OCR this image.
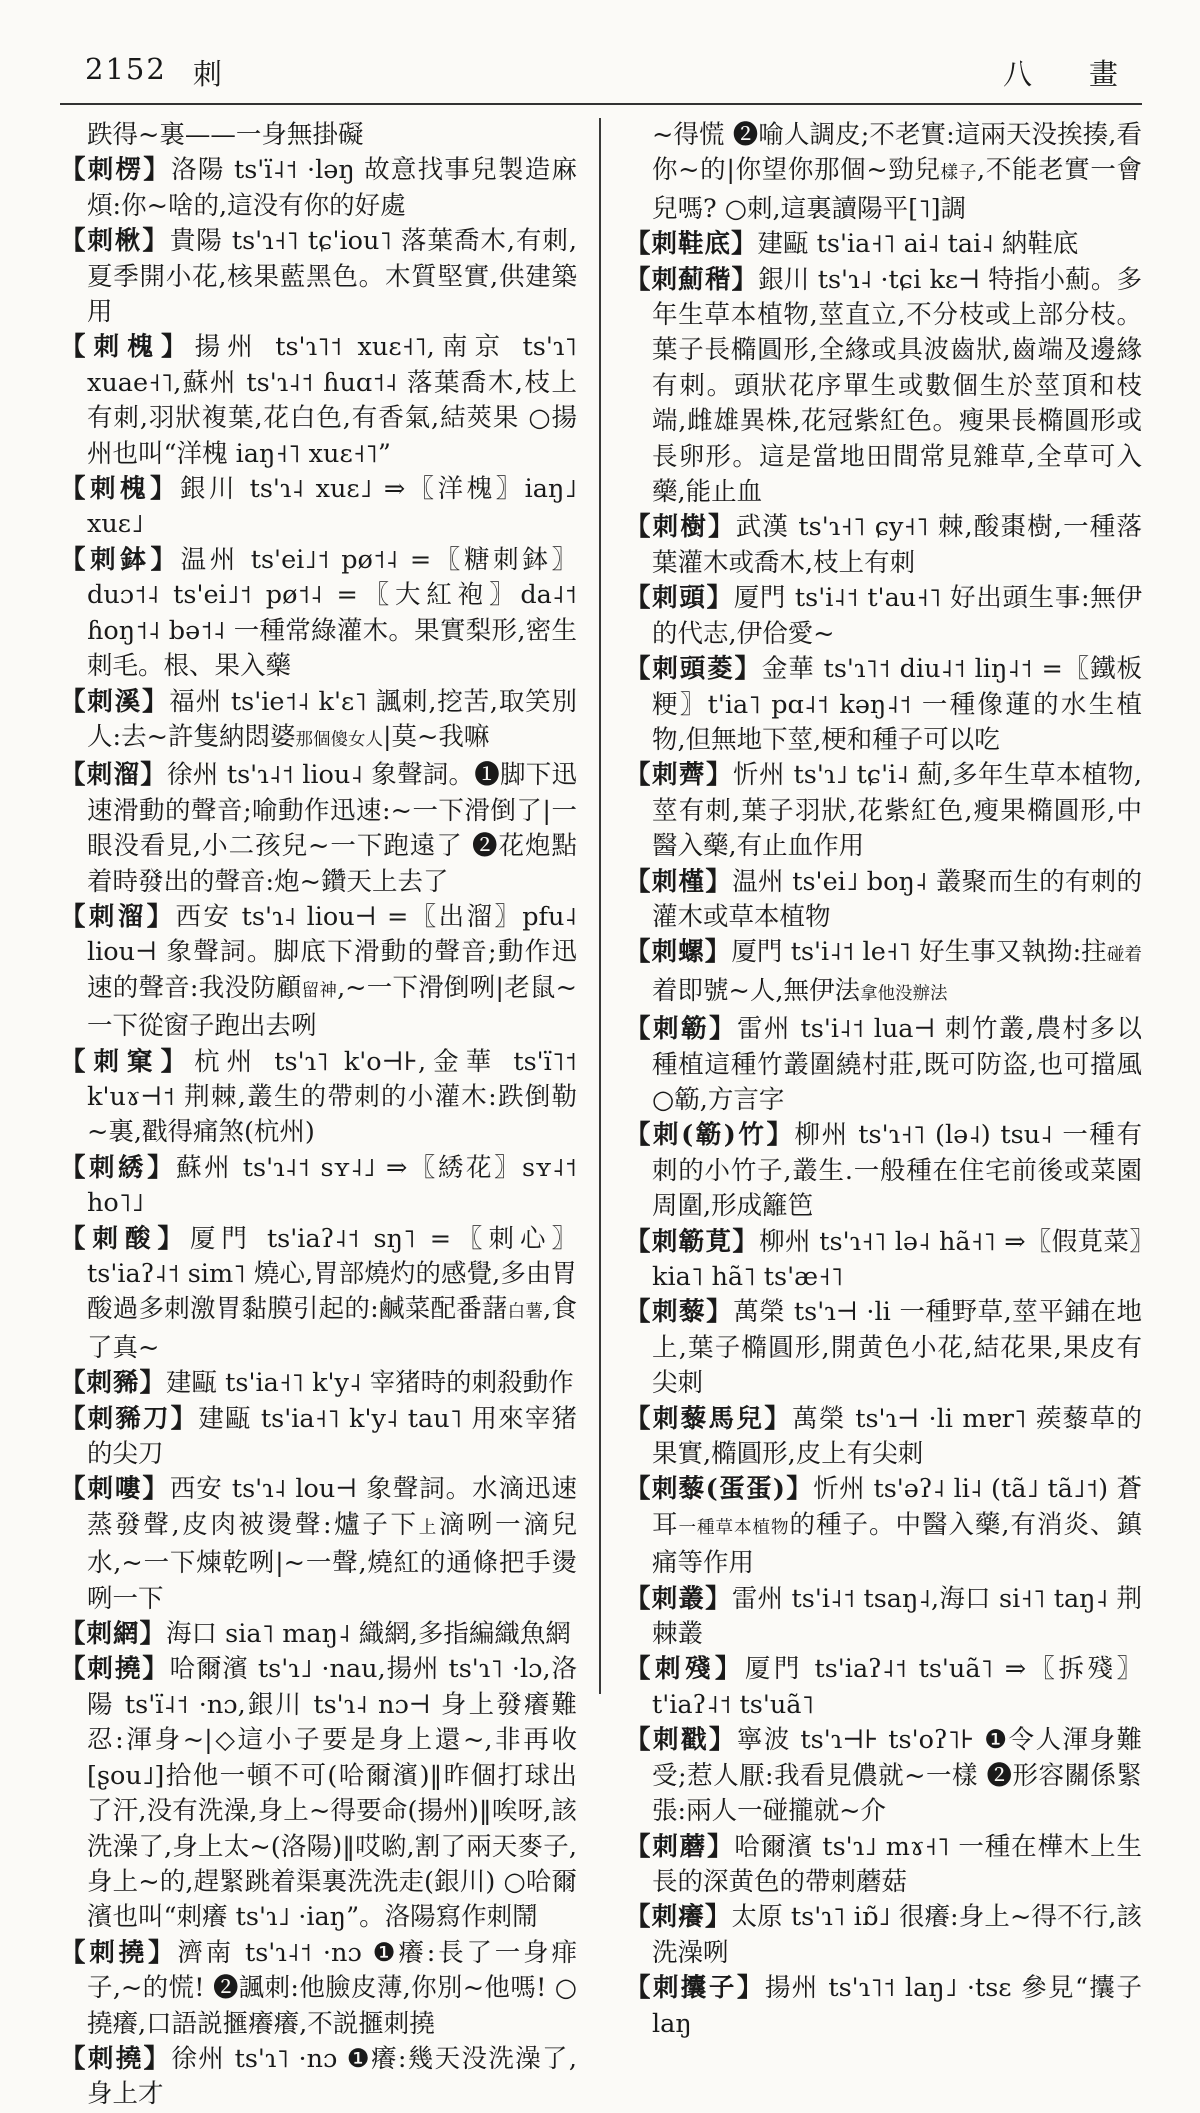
2152 刺	八　畫

跌得~裏——一身無掛礙

【刺楞】洛陽 ts'ï˨˦ ·ləŋ 故意找事兒製造麻煩:你~啥的,這没有你的好處

【刺楸】貴陽 ts'ɿ˧˥ tɕ'iou˥ 落葉喬木,有刺,夏季開小花,核果藍黑色。木質堅實,供建築用

【刺槐】揚州 ts'ɿ˥˦ xuɛ˧˥,南京 ts'ɿ˥ xuae˧˥,蘇州 ts'ɿ˨˦ ɦuɑ˦˨ 落葉喬木,枝上有刺,羽狀複葉,花白色,有香氣,結莢果 ○揚州也叫“洋槐 iaŋ˧˥ xuɛ˧˥”

【刺槐】銀川 ts'ɿ˨ xuɛ˩ ⇒〖洋槐〗iaŋ˩ xuɛ˩

【刺鉢】温州 ts'ei˩˦ pø˦˨ =〖糖刺鉢〗duɔ˦˨ ts'ei˩˦ pø˦˨ =〖大紅袍〗da˨˦ ɦoŋ˦˨ bə˦˨ 一種常綠灌木。果實梨形,密生刺毛。根、果入藥

【刺溪】福州 ts'ie˦˨ k'ɛ˥ 諷刺,挖苦,取笑別人:去~許隻納悶婆那個傻女人|莫~我嘛

【刺溜】徐州 ts'ɿ˨˦ liou˨ 象聲詞。❶脚下迅速滑動的聲音;喻動作迅速:~一下滑倒了|一眼没看見,小二孩兒~一下跑遠了 ❷花炮點着時發出的聲音:炮~鑽天上去了

【刺溜】西安 ts'ɿ˨ liou⊣ =〖出溜〗pfu˨ liou⊣ 象聲詞。脚底下滑動的聲音;動作迅速的聲音:我没防顧留神,~一下滑倒咧|老鼠~一下從窗子跑出去咧

【刺窠】杭州 ts'ɿ˥ k'o⊣⊦,金華 ts'ï˥˦ k'uɤ⊣˦ 荆棘,叢生的帶刺的小灌木:跌倒勒~裏,戳得痛煞(杭州)

【刺綉】蘇州 ts'ɿ˨˦ sʏ˨˩ ⇒〖綉花〗sʏ˨˦ ho˥˩

【刺酸】厦門 ts'iaʔ˨˦ sŋ˥ =〖刺心〗ts'iaʔ˨˦ sim˥ 燒心,胃部燒灼的感覺,多由胃酸過多刺激胃黏膜引起的:鹹菜配番藷白薯,食了真~

【刺豨】建甌 ts'ia˧˥ k'y˨ 宰猪時的刺殺動作

【刺豨刀】建甌 ts'ia˧˥ k'y˨ tau˥ 用來宰猪的尖刀

【刺嘍】西安 ts'ɿ˨ lou⊣ 象聲詞。水滴迅速蒸發聲,皮肉被燙聲:爐子下上滴咧一滴兒水,~一下煉乾咧|~一聲,燒紅的通條把手燙咧一下

【刺網】海口 sia˥ maŋ˨ 織網,多指編織魚網

【刺撓】哈爾濱 ts'ɿ˩ ·nau,揚州 ts'ɿ˥ ·lɔ,洛陽 ts'ï˨˦ ·nɔ,銀川 ts'ɿ˨ nɔ⊣ 身上發癢難忍:渾身~|◇這小子要是身上還~,非再收[ʂou˩]拾他一頓不可(哈爾濱)‖昨個打球出了汗,没有洗澡,身上~得要命(揚州)‖唉呀,該洗澡了,身上太~(洛陽)‖哎喲,割了兩天麥子,身上~的,趕緊跳着渠裏洗洗走(銀川) ○哈爾濱也叫“刺癢 ts'ɿ˩ ·iaŋ”。洛陽寫作刺鬧

【刺撓】濟南 ts'ɿ˨˦ ·nɔ ❶癢:長了一身痱子,~的慌! ❷諷刺:他臉皮薄,你別~他嗎! ○撓癢,口語説擓癢癢,不説擓刺撓

【刺撓】徐州 ts'ɿ˥ ·nɔ ❶癢:幾天没洗澡了,身上才

~得慌 ❷喻人調皮;不老實:這兩天没挨揍,看你~的|你望你那個~勁兒樣子,不能老實一會兒嗎? ○刺,這裏讀陽平[˥]調

【刺鞋底】建甌 ts'ia˧˥ ai˨ tai˨ 納鞋底

【刺薊稭】銀川 ts'ɿ˨ ·tɕi kɛ⊣ 特指小薊。多年生草本植物,莖直立,不分枝或上部分枝。葉子長橢圓形,全緣或具波齒狀,齒端及邊緣有刺。頭狀花序單生或數個生於莖頂和枝端,雌雄異株,花冠紫紅色。瘦果長橢圓形或長卵形。這是當地田間常見雜草,全草可入藥,能止血

【刺樹】武漢 ts'ɿ˧˥ ɕy˧˥ 棘,酸棗樹,一種落葉灌木或喬木,枝上有刺

【刺頭】厦門 ts'i˨˦ t'au˧˥ 好出頭生事:無伊的代志,伊佮愛~

【刺頭菱】金華 ts'ɿ˥˦ diu˨˦ liŋ˨˦ =〖鐵板粳〗t'ia˥ pɑ˨˦ kəŋ˨˦ 一種像蓮的水生植物,但無地下莖,梗和種子可以吃

【刺薺】忻州 ts'ɿ˩ tɕ'i˨ 薊,多年生草本植物,莖有刺,葉子羽狀,花紫紅色,瘦果橢圓形,中醫入藥,有止血作用

【刺槿】温州 ts'ei˩ boŋ˨ 叢聚而生的有刺的灌木或草本植物

【刺螺】厦門 ts'i˨˦ le˧˥ 好生事又執拗:拄碰着着即號~人,無伊法拿他没辦法

【刺簕】雷州 ts'i˨˦ lua⊣ 刺竹叢,農村多以種植這種竹叢圍繞村莊,既可防盗,也可擋風 ○簕,方言字

【刺(簕)竹】柳州 ts'ɿ˧˥ (lə˨) tsu˨ 一種有刺的小竹子,叢生.一般種在住宅前後或菜園周圍,形成籬笆

【刺簕莧】柳州 ts'ɿ˧˥ lə˨ hã˧˥ ⇒〖假莧菜〗kia˥ hã˥ ts'æ˧˥

【刺藜】萬榮 ts'ɿ⊣ ·li 一種野草,莖平鋪在地上,葉子橢圓形,開黄色小花,結花果,果皮有尖刺

【刺藜馬兒】萬榮 ts'ɿ⊣ ·li mɐr˥ 蒺藜草的果實,橢圓形,皮上有尖刺

【刺藜(蛋蛋)】忻州 ts'əʔ˨ li˨ (tã˩ tã˩˦) 蒼耳一種草本植物的種子。中醫入藥,有消炎、鎮痛等作用

【刺叢】雷州 ts'i˨˦ tsaŋ˨,海口 si˧˥ taŋ˨ 荆棘叢

【刺殘】厦門 ts'iaʔ˨˦ ts'uã˥ ⇒〖拆殘〗t'iaʔ˨˦ ts'uã˥

【刺戳】寧波 ts'ɿ⊣⊦ ts'oʔ˥⊦ ❶令人渾身難受;惹人厭:我看見儂就~一樣 ❷形容關係緊張:兩人一碰攏就~介

【刺蘑】哈爾濱 ts'ɿ˩ mɤ˧˥ 一種在樺木上生長的深黄色的帶刺蘑菇

【刺癢】太原 ts'ɿ˥ iɒ̃˩ 很癢:身上~得不行,該洗澡咧

【刺攮子】揚州 ts'ɿ˥˦ laŋ˩ ·tsɛ 參見“攮子 laŋ
